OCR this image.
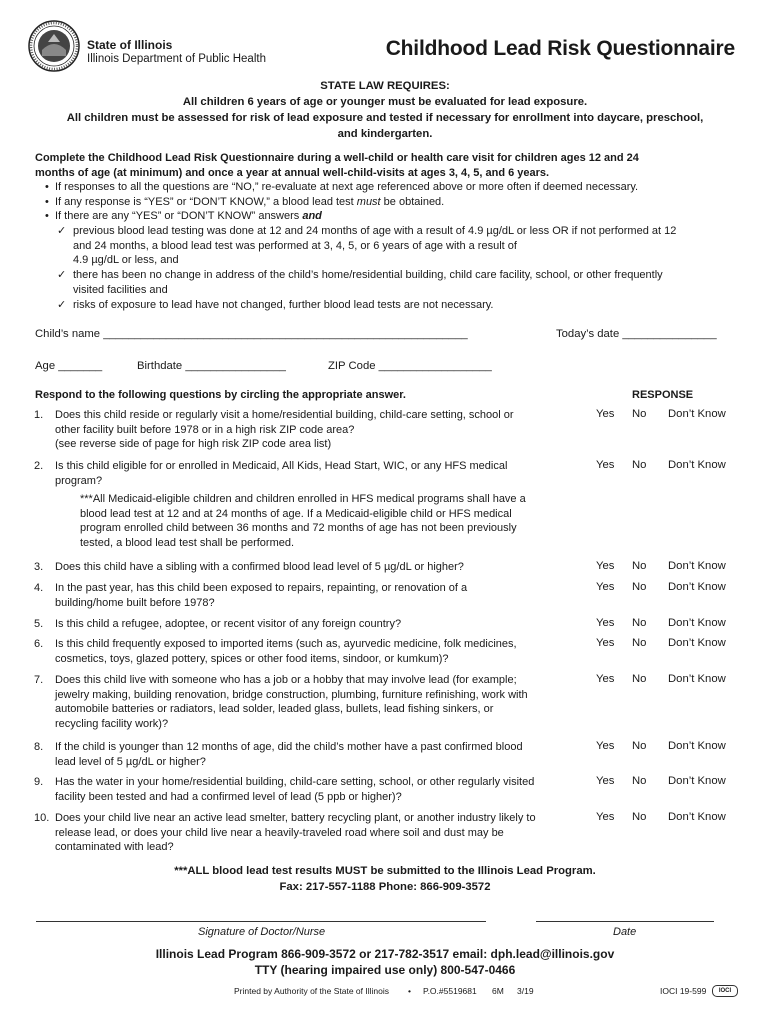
State of Illinois
Illinois Department of Public Health	Childhood Lead Risk Questionnaire
STATE LAW REQUIRES:
All children 6 years of age or younger must be evaluated for lead exposure.
All children must be assessed for risk of lead exposure and tested if necessary for enrollment into daycare, preschool,
and kindergarten.
Complete the Childhood Lead Risk Questionnaire during a well-child or health care visit for children ages 12 and 24
months of age (at minimum) and once a year at annual well-child-visits at ages 3, 4, 5, and 6 years.
• If responses to all the questions are “NO,” re-evaluate at next age referenced above or more often if deemed necessary.
• If any response is “YES” or “DON’T KNOW,” a blood lead test must be obtained.
• If there are any “YES” or “DON’T KNOW” answers and
✓ previous blood lead testing was done at 12 and 24 months of age with a result of 4.9 µg/dL or less OR if not performed at 12
and 24 months, a blood lead test was performed at 3, 4, 5, or 6 years of age with a result of
4.9 µg/dL or less, and
✓ there has been no change in address of the child’s home/residential building, child care facility, school, or other frequently
visited facilities and
✓ risks of exposure to lead have not changed, further blood lead tests are not necessary.
Child’s name __________________________________________________________	Today’s date _______________
Age _______	Birthdate ________________	ZIP Code __________________
Respond to the following questions by circling the appropriate answer.	RESPONSE
1. Does this child reside or regularly visit a home/residential building, child-care setting, school or
other facility built before 1978 or in a high risk ZIP code area?
(see reverse side of page for high risk ZIP code area list)
Yes No Don’t Know
2. Is this child eligible for or enrolled in Medicaid, All Kids, Head Start, WIC, or any HFS medical
program?
Yes No Don’t Know
***All Medicaid-eligible children and children enrolled in HFS medical programs shall have a
blood lead test at 12 and at 24 months of age. If a Medicaid-eligible child or HFS medical
program enrolled child between 36 months and 72 months of age has not been previously
tested, a blood lead test shall be performed.
3. Does this child have a sibling with a confirmed blood lead level of 5 µg/dL or higher?	Yes No Don’t Know
4. In the past year, has this child been exposed to repairs, repainting, or renovation of a
building/home built before 1978?
Yes No Don’t Know
5. Is this child a refugee, adoptee, or recent visitor of any foreign country?	Yes No Don’t Know
6. Is this child frequently exposed to imported items (such as, ayurvedic medicine, folk medicines,
cosmetics, toys, glazed pottery, spices or other food items, sindoor, or kumkum)?
Yes No Don’t Know
7. Does this child live with someone who has a job or a hobby that may involve lead (for example;
jewelry making, building renovation, bridge construction, plumbing, furniture refinishing, work with
automobile batteries or radiators, lead solder, leaded glass, bullets, lead fishing sinkers, or
recycling facility work)?
Yes No Don’t Know
8. If the child is younger than 12 months of age, did the child’s mother have a past confirmed blood
lead level of 5 µg/dL or higher?
Yes No Don’t Know
9. Has the water in your home/residential building, child-care setting, school, or other regularly visited
facility been tested and had a confirmed level of lead (5 ppb or higher)?
Yes No Don’t Know
10. Does your child live near an active lead smelter, battery recycling plant, or another industry likely to
release lead, or does your child live near a heavily-traveled road where soil and dust may be
contaminated with lead?
Yes No Don’t Know
***ALL blood lead test results MUST be submitted to the Illinois Lead Program.
Fax: 217-557-1188 Phone: 866-909-3572
Signature of Doctor/Nurse	Date
Illinois Lead Program 866-909-3572 or 217-782-3517 email: dph.lead@illinois.gov
TTY (hearing impaired use only) 800-547-0466
Printed by Authority of the State of Illinois • P.O.#5519681 6M 3/19	IOCI 19-599	IOCI
